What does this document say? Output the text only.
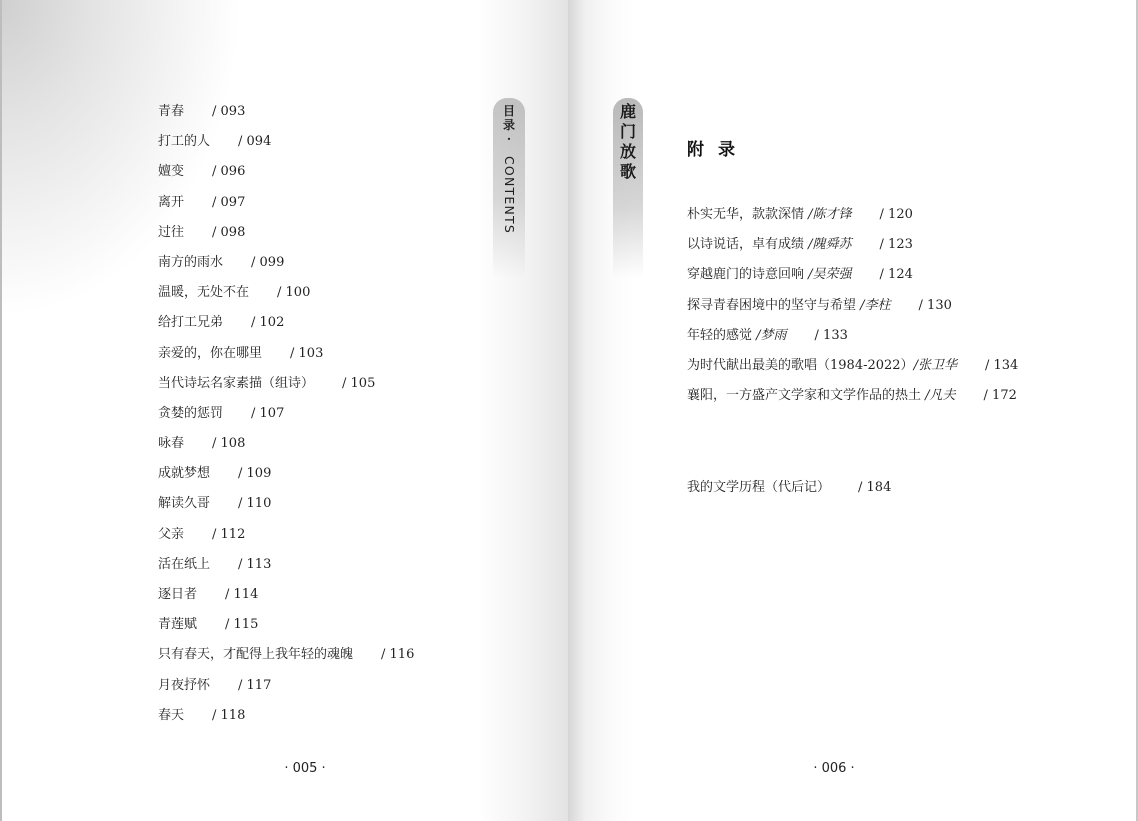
青春 / 093
打工的人 / 094
嬗变 / 096
离开 / 097
过往 / 098
南方的雨水 / 099
温暖，无处不在 / 100
给打工兄弟 / 102
亲爱的，你在哪里 / 103
当代诗坛名家素描（组诗） / 105
贪婪的惩罚 / 107
咏春 / 108
成就梦想 / 109
解读久哥 / 110
父亲 / 112
活在纸上 / 113
逐日者 / 114
青莲赋 / 115
只有春天，才配得上我年轻的魂魄 / 116
月夜抒怀 / 117
春天 / 118
目
录
·
CONTENTS
· 005 ·
鹿
门
放
歌
附录
朴实无华，款款深情 /陈才锋 / 120
以诗说话，卓有成绩 /隗舜苏 / 123
穿越鹿门的诗意回响 /吴荣强 / 124
探寻青春困境中的坚守与希望 /李柱 / 130
年轻的感觉 /梦雨 / 133
为时代献出最美的歌唱（1984-2022）/张卫华 / 134
襄阳，一方盛产文学家和文学作品的热土 /凡夫 / 172
我的文学历程（代后记） / 184
· 006 ·
